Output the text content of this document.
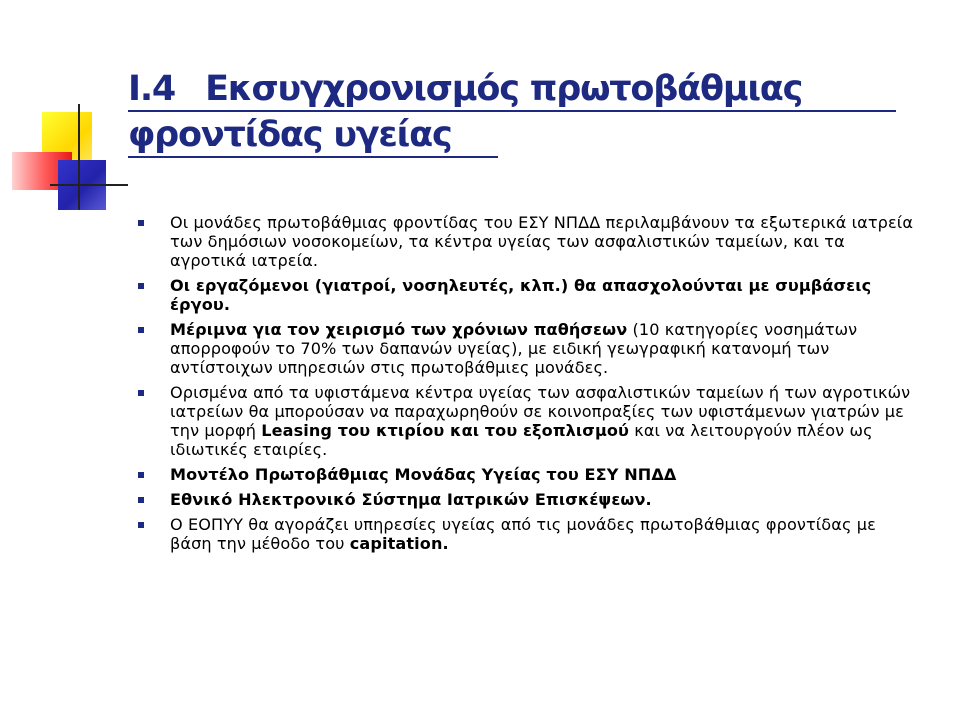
I.4 Εκσυγχρονισμός πρωτοβάθμιας
φροντίδας υγείας
Οι μονάδες πρωτοβάθμιας φροντίδας του ΕΣΥ ΝΠΔΔ περιλαμβάνουν τα εξωτερικά ιατρεία των δημόσιων νοσοκομείων, τα κέντρα υγείας των ασφαλιστικών ταμείων, και τα αγροτικά ιατρεία.
Οι εργαζόμενοι (γιατροί, νοσηλευτές, κλπ.) θα απασχολούνται με συμβάσεις έργου.
Μέριμνα για τον χειρισμό των χρόνιων παθήσεων (10 κατηγορίες νοσημάτων απορροφούν το 70% των δαπανών υγείας), με ειδική γεωγραφική κατανομή των αντίστοιχων υπηρεσιών στις πρωτοβάθμιες μονάδες.
Ορισμένα από τα υφιστάμενα κέντρα υγείας των ασφαλιστικών ταμείων ή των αγροτικών ιατρείων θα μπορούσαν να παραχωρηθούν σε κοινοπραξίες των υφιστάμενων γιατρών με την μορφή Leasing του κτιρίου και του εξοπλισμού και να λειτουργούν πλέον ως ιδιωτικές εταιρίες.
Μοντέλο Πρωτοβάθμιας Μονάδας Υγείας του ΕΣΥ ΝΠΔΔ
Εθνικό Ηλεκτρονικό Σύστημα Ιατρικών Επισκέψεων.
Ο ΕΟΠΥΥ θα αγοράζει υπηρεσίες υγείας από τις μονάδες πρωτοβάθμιας φροντίδας με βάση την μέθοδο του capitation.
